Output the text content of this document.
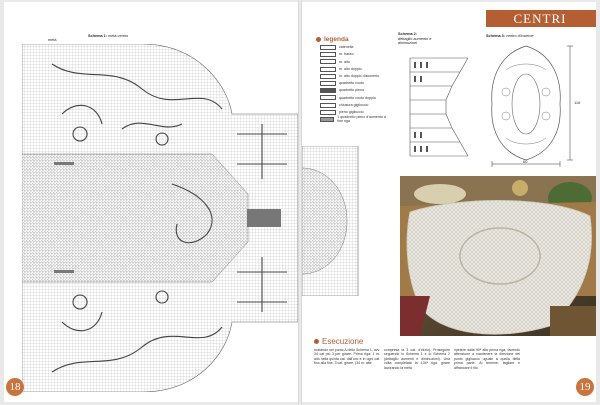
Schema 1: metà centro
metà
18
CENTRI
legenda
catenella
m. basso
m. alto
m. alto doppio
m. alto doppio d'aumento
quadretto vuoto
quadretto pieno
quadretto vuoto doppio
chiusura gigliuccio
pieno gigliuccio
1 quadretto pieno d'aumento a fine riga
Schema 2:
dettaglio aumento e
diminuzioni
Schema 3: centro d'insieme
116
60
Esecuzione
Iniziando nel punto A dello Schema 1, avv. 34 cat più 3 per girare. Prima riga: 1 m. alto nella quinta cat. dall'unc e in ogni cat. fino alla fine. 3 cat. girare, (34 m. alte
compresa la 3 cat. d'inizio). Proseguire seguendo lo Schema 1 e lo Schema 2 (dettaglio aumenti e diminuzioni). Una volta completata la 104ª riga, girare lavorando la metà
ripetere dalla 90ª alla prima riga, facendo attenzione a mantenere la direzione del punto gigliuccio uguale a quella della prima parte. Al termine, tagliare e affrancare il filo.
19
